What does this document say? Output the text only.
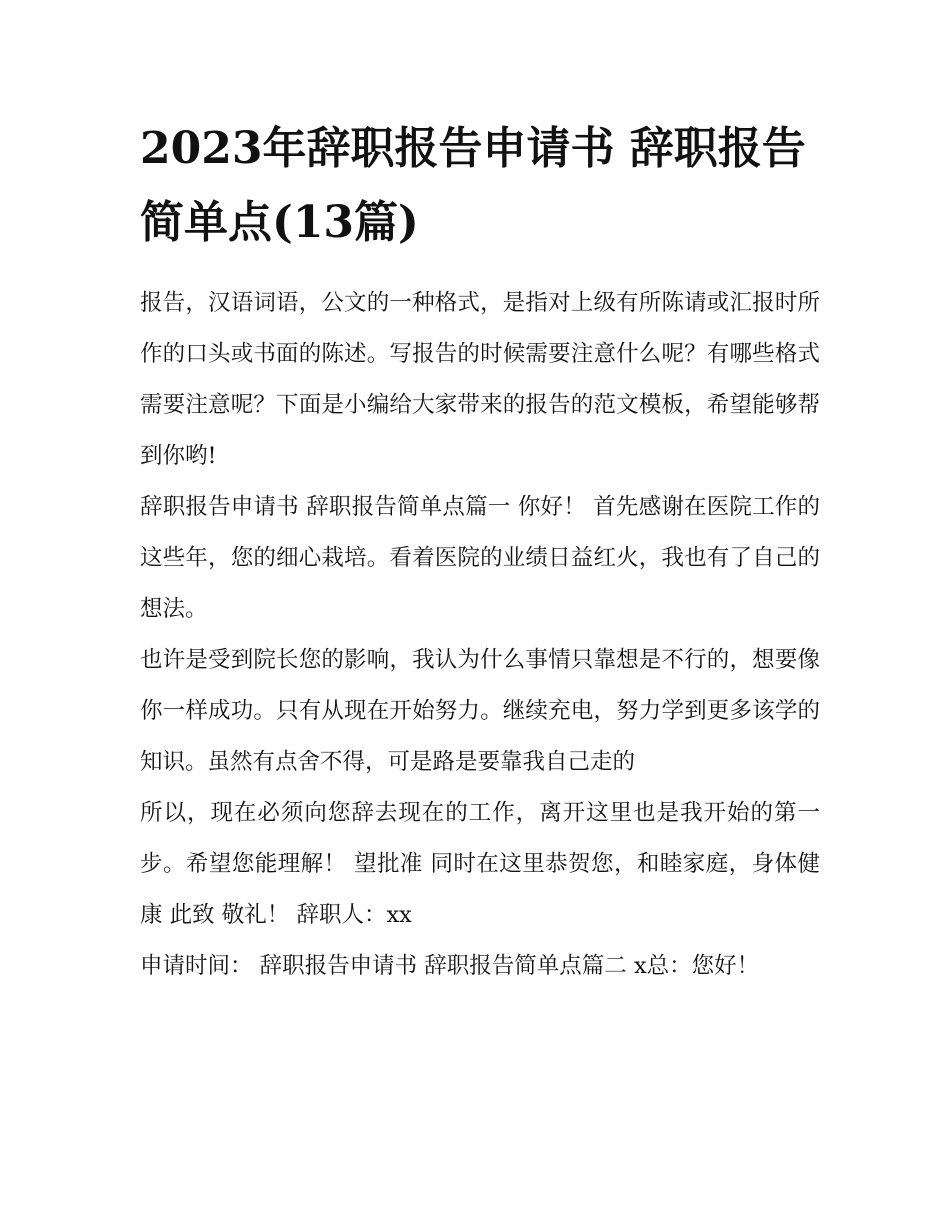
2023年辞职报告申请书 辞职报告简单点(13篇)

报告，汉语词语，公文的一种格式，是指对上级有所陈请或汇报时所作的口头或书面的陈述。写报告的时候需要注意什么呢？有哪些格式需要注意呢？下面是小编给大家带来的报告的范文模板，希望能够帮到你哟!

辞职报告申请书 辞职报告简单点篇一 你好！ 首先感谢在医院工作的这些年，您的细心栽培。看着医院的业绩日益红火，我也有了自己的想法。

也许是受到院长您的影响，我认为什么事情只靠想是不行的，想要像你一样成功。只有从现在开始努力。继续充电，努力学到更多该学的知识。虽然有点舍不得，可是路是要靠我自己走的

所以，现在必须向您辞去现在的工作，离开这里也是我开始的第一步。希望您能理解！ 望批准 同时在这里恭贺您，和睦家庭，身体健康 此致 敬礼！ 辞职人：xx

申请时间： 辞职报告申请书 辞职报告简单点篇二 x总：您好！
